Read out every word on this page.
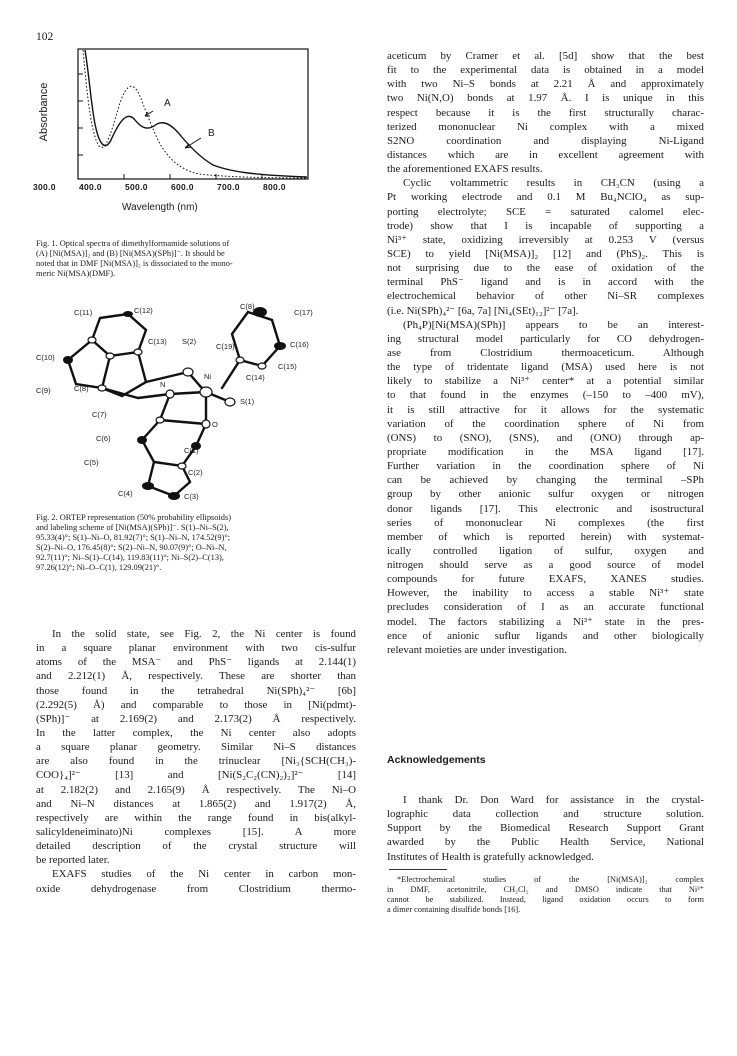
102
A
B
300.0	400.0	500.0	600.0	700.0	800.0
Wavelength (nm)
Absorbance
Fig. 1. Optical spectra of dimethylformamide solutions of
(A) [Ni(MSA)]₂ and (B) [Ni(MSA)(SPh)]⁻. It should be
noted that in DMF [Ni(MSA)]₂ is dissociated to the mono-
meric Ni(MSA)(DMF).
C(11)	C(12)	C(8)
C(17)
C(13) S(2)
C(19)	C(16)
C(10)
C(15)
C(14)
C(9)	C(8)	N
Ni
S(1)
C(7)
O
C(6)
C(1)
C(5)
C(2)
C(4)	C(3)
Fig. 2. ORTEP representation (50% probability ellipsoids)
and labeling scheme of [Ni(MSA)(SPh)]⁻. S(1)–Ni–S(2),
95.33(4)°; S(1)–Ni–O, 81.92(7)°; S(1)–Ni–N, 174.52(9)°;
S(2)–Ni–O, 176.45(8)°; S(2)–Ni–N, 90.07(9)°; O–Ni–N,
92.7(11)°; Ni–S(1)–C(14), 119.83(11)°; Ni–S(2)–C(13),
97.26(12)°; Ni–O–C(1), 129.09(21)°.
In the solid state, see Fig. 2, the Ni center is found
in a square planar environment with two cis-sulfur
atoms of the MSA⁻ and PhS⁻ ligands at 2.144(1)
and 2.212(1) Å, respectively. These are shorter than
those found in the tetrahedral Ni(SPh)₄²⁻ [6b]
(2.292(5) Å) and comparable to those in [Ni(pdmt)-
(SPh)]⁻ at 2.169(2) and 2.173(2) Å respectively.
In the latter complex, the Ni center also adopts
a square planar geometry. Similar Ni–S distances
are also found in the trinuclear [Ni₃{SCH(CH₃)-
COO}₄]²⁻ [13] and [Ni(S₂C₂(CN)₂)₂]²⁻ [14]
at 2.182(2) and 2.165(9) Å respectively. The Ni–O
and Ni–N distances at 1.865(2) and 1.917(2) Å,
respectively are within the range found in bis(alkyl-
salicyldeneiminato)Ni complexes [15]. A more
detailed description of the crystal structure will
be reported later.
EXAFS studies of the Ni center in carbon mon-
oxide dehydrogenase from Clostridium thermo-
aceticum by Cramer et al. [5d] show that the best
fit to the experimental data is obtained in a model
with two Ni–S bonds at 2.21 Å and approximately
two Ni(N,O) bonds at 1.97 Å. I is unique in this
respect because it is the first structurally charac-
terized mononuclear Ni complex with a mixed
S2NO coordination and displaying Ni-Ligand
distances which are in excellent agreement with
the aforementioned EXAFS results.
Cyclic voltammetric results in CH₃CN (using a
Pt working electrode and 0.1 M Bu₄NClO₄ as sup-
porting electrolyte; SCE = saturated calomel elec-
trode) show that I is incapable of supporting a
Ni³⁺ state, oxidizing irreversibly at 0.253 V (versus
SCE) to yield [Ni(MSA)]₂ [12] and (PhS)₂. This is
not surprising due to the ease of oxidation of the
terminal PhS⁻ ligand and is in accord with the
electrochemical behavior of other Ni–SR complexes
(i.e. Ni(SPh)₄²⁻ [6a, 7a] [Ni₄(SEt)₁₂]²⁻ [7a].
(Ph₄P)[Ni(MSA)(SPh)] appears to be an interest-
ing structural model particularly for CO dehydrogen-
ase from Clostridium thermoaceticum. Although
the type of tridentate ligand (MSA) used here is not
likely to stabilize a Ni³⁺ center* at a potential similar
to that found in the enzymes (–150 to –400 mV),
it is still attractive for it allows for the systematic
variation of the coordination sphere of Ni from
(ONS) to (SNO), (SNS), and (ONO) through ap-
propriate modification in the MSA ligand [17].
Further variation in the coordination sphere of Ni
can be achieved by changing the terminal –SPh
group by other anionic sulfur oxygen or nitrogen
donor ligands [17]. This electronic and isostructural
series of mononuclear Ni complexes (the first
member of which is reported herein) with systemat-
ically controlled ligation of sulfur, oxygen and
nitrogen should serve as a good source of model
compounds for future EXAFS, XANES studies.
However, the inability to access a stable Ni³⁺ state
precludes consideration of I as an accurate functional
model. The factors stabilizing a Ni³⁺ state in the pres-
ence of anionic suflur ligands and other biologically
relevant moieties are under investigation.
Acknowledgements
I thank Dr. Don Ward for assistance in the crystal-
lographic data collection and structure solution.
Support by the Biomedical Research Support Grant
awarded by the Public Health Service, National
Institutes of Health is gratefully acknowledged.
*Electrochemical studies of the [Ni(MSA)]₂ complex
in DMF, acetonitrile, CH₂Cl₂ and DMSO indicate that Ni³⁺
cannot be stabilized. Instead, ligand oxidation occurs to form
a dimer containing disulfide bonds [16].
